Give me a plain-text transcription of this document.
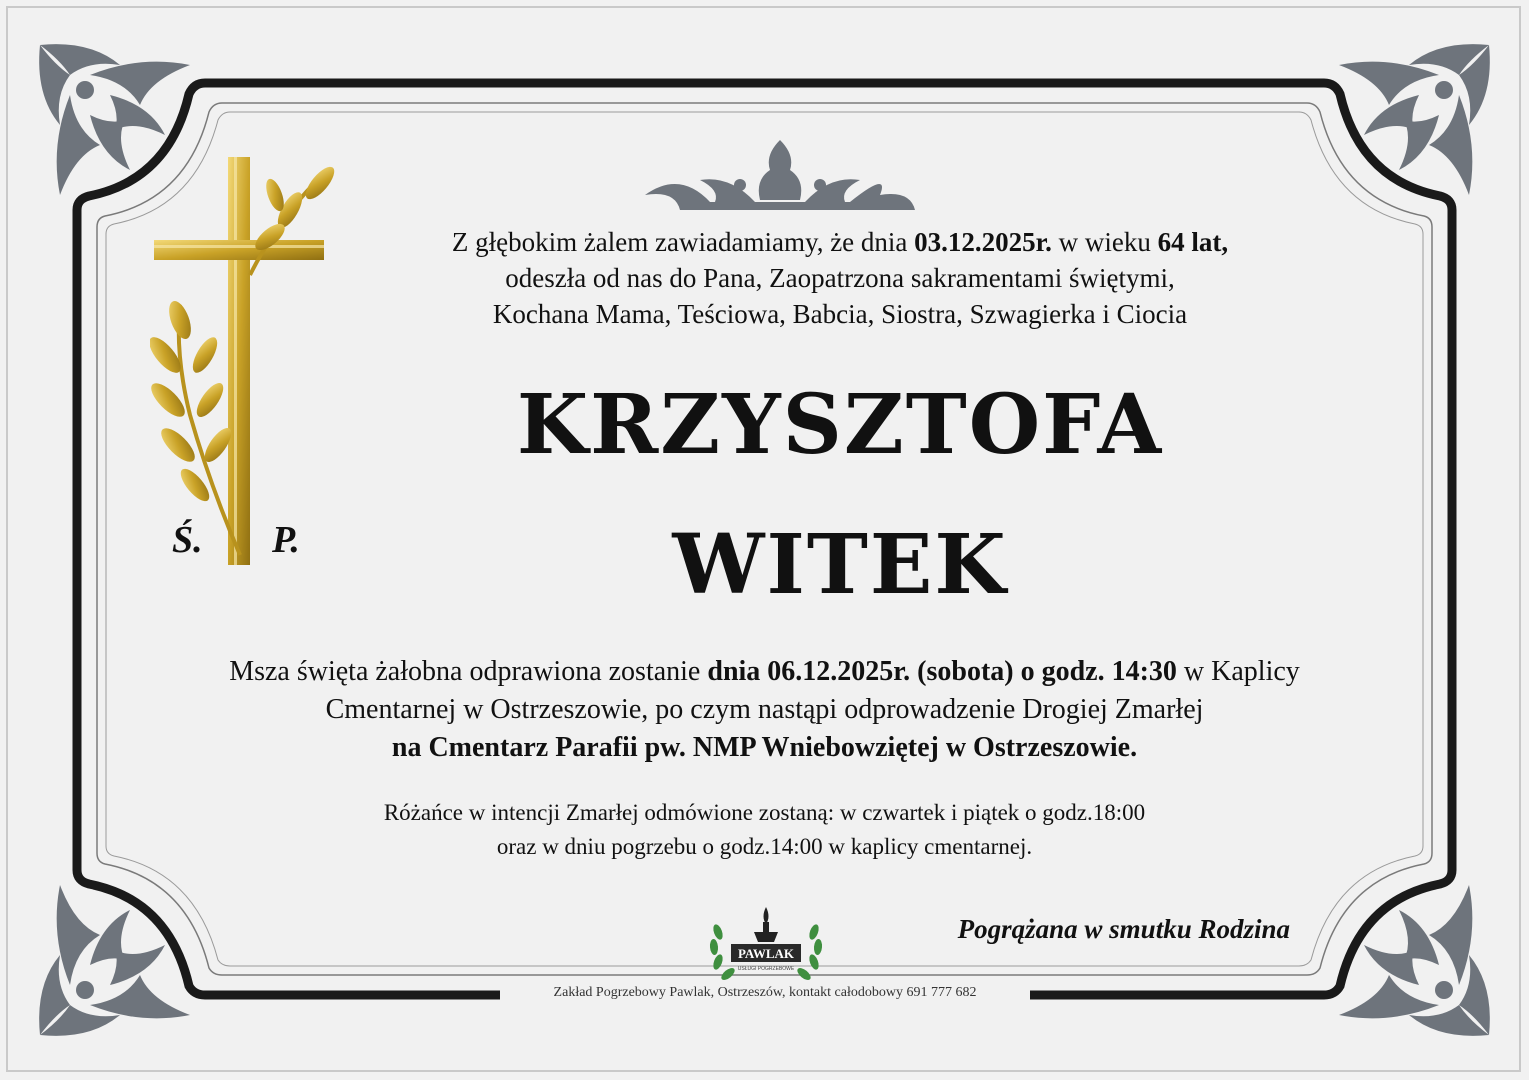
Ś. P.
Z głębokim żalem zawiadamiamy, że dnia 03.12.2025r. w wieku 64 lat,
odeszła od nas do Pana, Zaopatrzona sakramentami świętymi,
Kochana Mama, Teściowa, Babcia, Siostra, Szwagierka i Ciocia
KRZYSZTOFA
WITEK
Msza święta żałobna odprawiona zostanie dnia 06.12.2025r. (sobota) o godz. 14:30 w Kaplicy
Cmentarnej w Ostrzeszowie, po czym nastąpi odprowadzenie Drogiej Zmarłej
na Cmentarz Parafii pw. NMP Wniebowziętej w Ostrzeszowie.
Różańce w intencji Zmarłej odmówione zostaną: w czwartek i piątek o godz.18:00
oraz w dniu pogrzebu o godz.14:00 w kaplicy cmentarnej.
PAWLAK
USŁUGI POGRZEBOWE
Pogrążana w smutku Rodzina
Zakład Pogrzebowy Pawlak, Ostrzeszów, kontakt całodobowy 691 777 682
